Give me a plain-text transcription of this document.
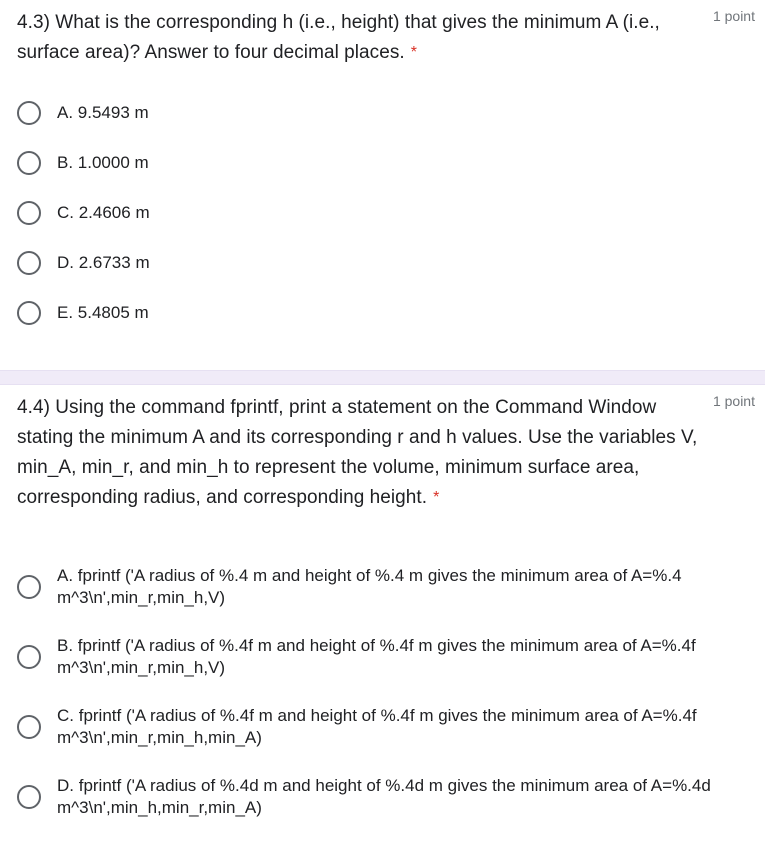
4.3) What is the corresponding h (i.e., height) that gives the minimum A (i.e., surface area)? Answer to four decimal places. *
1 point
A. 9.5493 m
B. 1.0000 m
C. 2.4606 m
D. 2.6733 m
E. 5.4805 m
4.4) Using the command fprintf, print a statement on the Command Window stating the minimum A and its corresponding r and h values. Use the variables V, min_A, min_r, and min_h to represent the volume, minimum surface area, corresponding radius, and corresponding height. *
1 point
A. fprintf ('A radius of %.4 m and height of %.4 m gives the minimum area of A=%.4 m^3\n',min_r,min_h,V)
B. fprintf ('A radius of %.4f m and height of %.4f m gives the minimum area of A=%.4f m^3\n',min_r,min_h,V)
C. fprintf ('A radius of %.4f m and height of %.4f m gives the minimum area of A=%.4f m^3\n',min_r,min_h,min_A)
D. fprintf ('A radius of %.4d m and height of %.4d m gives the minimum area of A=%.4d m^3\n',min_h,min_r,min_A)
